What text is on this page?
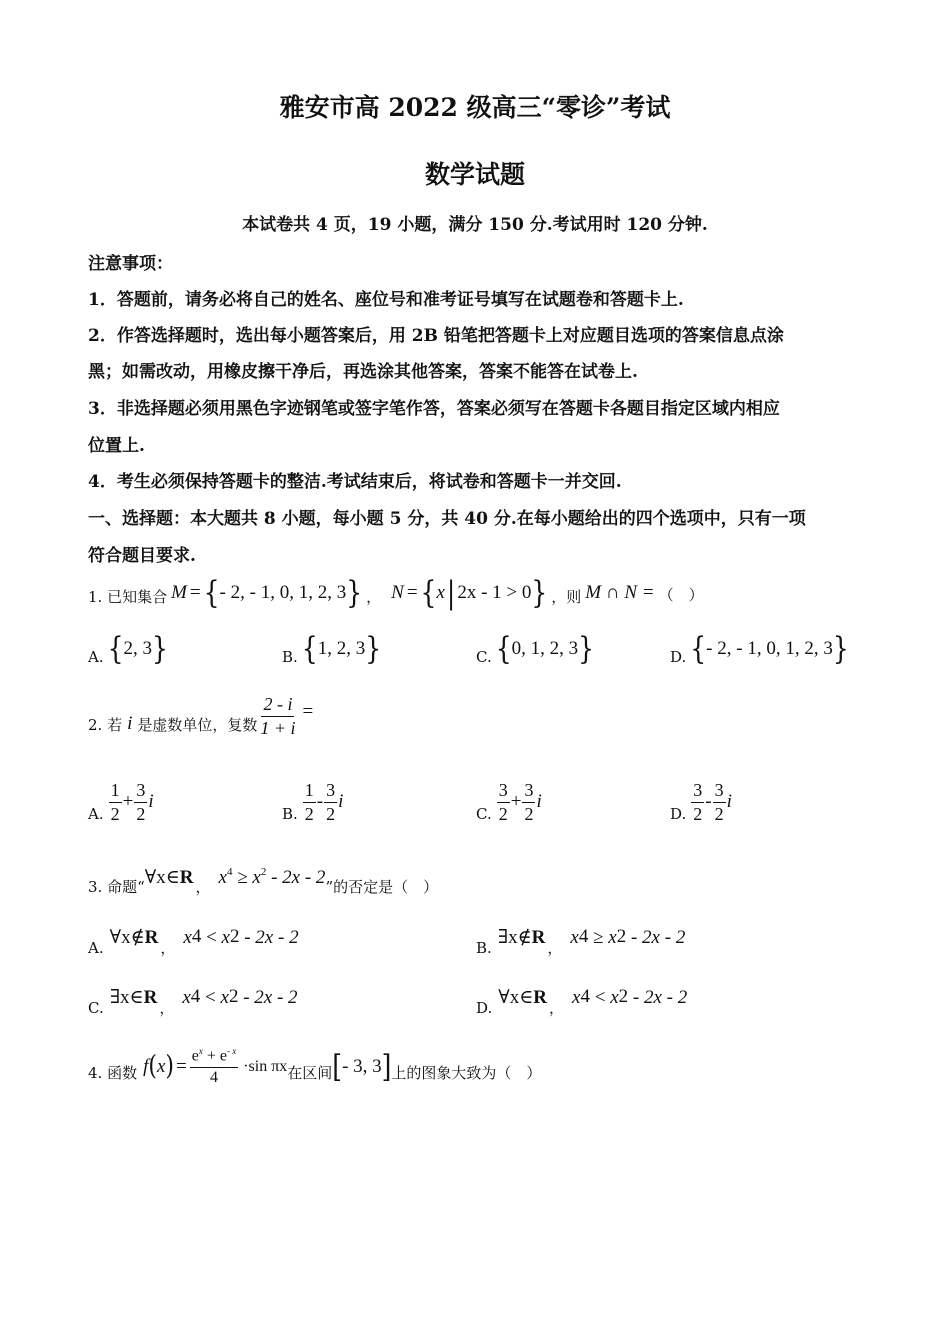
雅安市高 2022 级高三“零诊”考试
数学试题
本试卷共 4 页，19 小题，满分 150 分.考试用时 120 分钟.
注意事项：
1．答题前，请务必将自己的姓名、座位号和准考证号填写在试题卷和答题卡上.
2．作答选择题时，选出每小题答案后，用 2B 铅笔把答题卡上对应题目选项的答案信息点涂
黑；如需改动，用橡皮擦干净后，再选涂其他答案，答案不能答在试卷上.
3．非选择题必须用黑色字迹钢笔或签字笔作答，答案必须写在答题卡各题目指定区域内相应
位置上.
4．考生必须保持答题卡的整洁.考试结束后，将试卷和答题卡一并交回.
一、选择题：本大题共 8 小题，每小题 5 分，共 40 分.在每小题给出的四个选项中，只有一项
符合题目要求.
1. 已知集合 M = { - 2, - 1, 0, 1, 2, 3 } ， N = { x | 2x - 1 > 0 } ，则 M ∩ N = （　）
A. { 2, 3 }	B. { 1, 2, 3 }	C. { 0, 1, 2, 3 }	D. { - 2, - 1, 0, 1, 2, 3 }
2. 若 i 是虚数单位，复数 $\frac{2 - i}{1 + i}$ =
A. $\frac{1}{2} + \frac{3}{2}$ i
B. $\frac{1}{2} - \frac{3}{2}$ i
C. $\frac{3}{2} + \frac{3}{2}$ i
D. $\frac{3}{2} - \frac{3}{2}$ i
3. 命题“ ∀x∈ R ， $x^4 \ge x^2 - 2x - 2$ ”的否定是（　）
A. ∀x∉ R
，
x 4 < x 2 - 2x - 2	B. ∃x∉ R
，
x 4 ≥ x 2 - 2x - 2
C. ∃x∈ R
，
x 4 < x 2 - 2x - 2	D. ∀x∈ R
，
x 4 < x 2 - 2x - 2
4. 函数 f ( x ) = $\frac{e^x + e^{- x}}{4} \cdot\sin$ πx 在区间 [ - 3, 3 ] 上的图象大致为（　）
